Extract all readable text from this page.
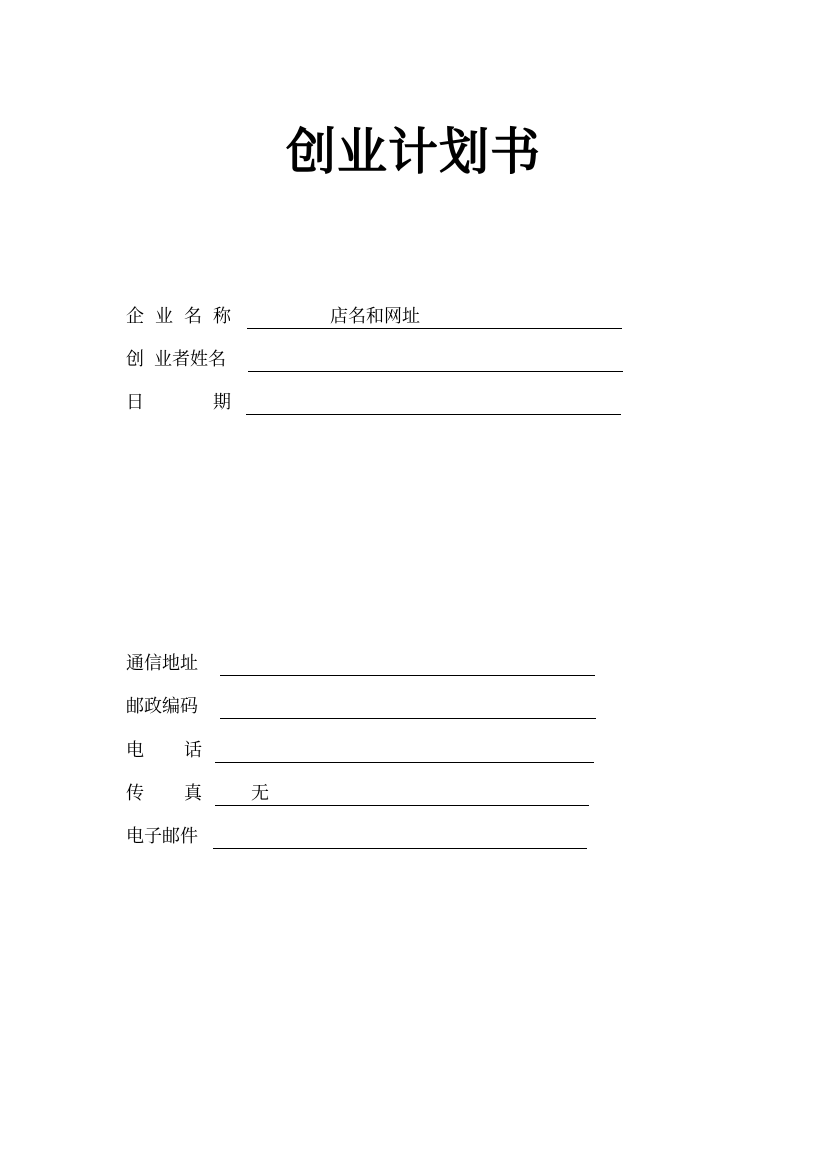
创业计划书
企 业 名 称	店名和网址
创 业者姓名
日	期
通信地址
邮政编码
电 话
传 真	无
电子邮件
